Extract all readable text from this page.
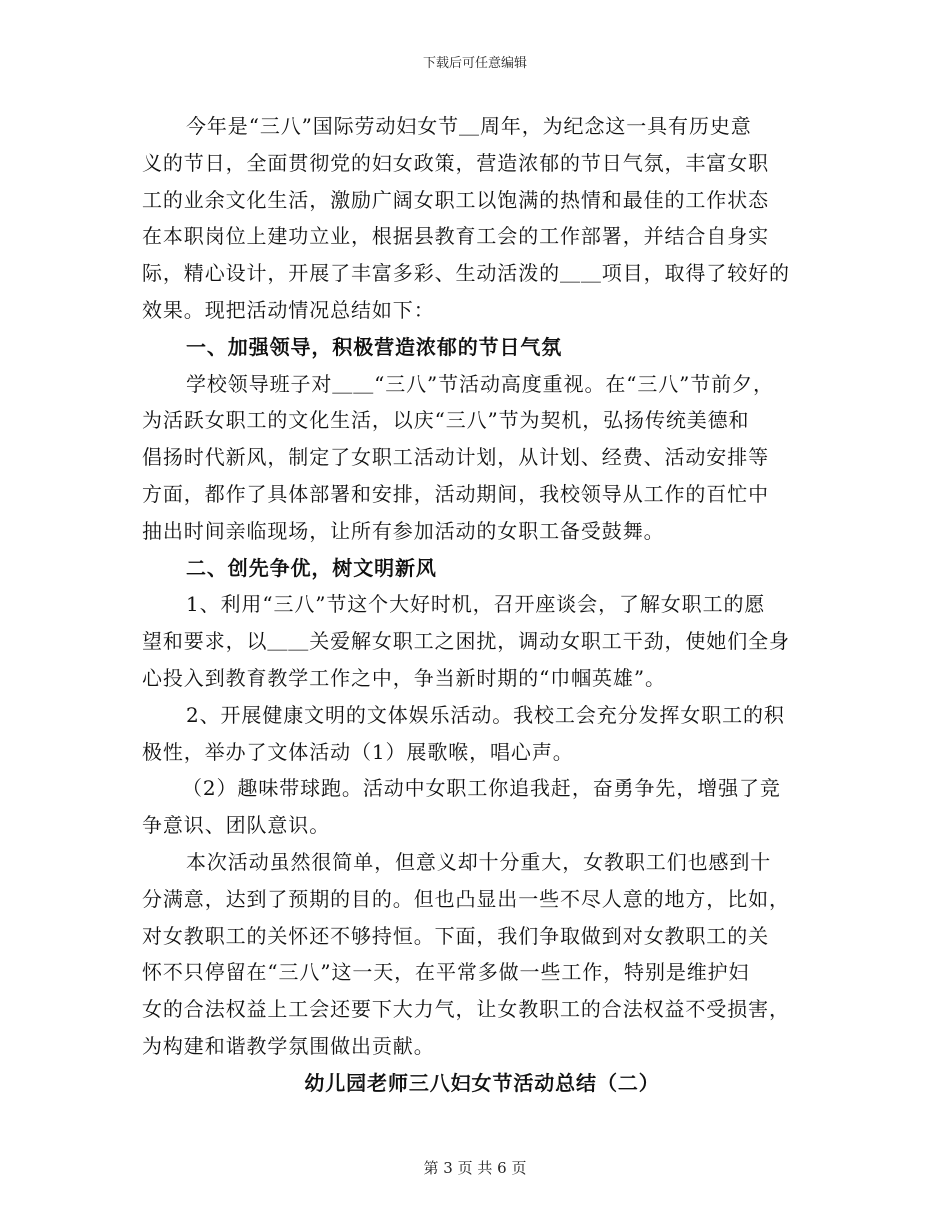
下载后可任意编辑
今年是“三八”国际劳动妇女节＿周年，为纪念这一具有历史意
义的节日，全面贯彻党的妇女政策，营造浓郁的节日气氛，丰富女职
工的业余文化生活，激励广阔女职工以饱满的热情和最佳的工作状态
在本职岗位上建功立业，根据县教育工会的工作部署，并结合自身实
际，精心设计，开展了丰富多彩、生动活泼的＿＿项目，取得了较好的
效果。现把活动情况总结如下：
一、加强领导，积极营造浓郁的节日气氛
学校领导班子对＿＿“三八”节活动高度重视。在“三八”节前夕，
为活跃女职工的文化生活，以庆“三八”节为契机，弘扬传统美德和
倡扬时代新风，制定了女职工活动计划，从计划、经费、活动安排等
方面，都作了具体部署和安排，活动期间，我校领导从工作的百忙中
抽出时间亲临现场，让所有参加活动的女职工备受鼓舞。
二、创先争优，树文明新风
1、利用“三八”节这个大好时机，召开座谈会，了解女职工的愿
望和要求，以＿＿关爱解女职工之困扰，调动女职工干劲，使她们全身
心投入到教育教学工作之中，争当新时期的“巾帼英雄”。
2、开展健康文明的文体娱乐活动。我校工会充分发挥女职工的积
极性，举办了文体活动（1）展歌喉，唱心声。
（2）趣味带球跑。活动中女职工你追我赶，奋勇争先，增强了竞
争意识、团队意识。
本次活动虽然很简单，但意义却十分重大，女教职工们也感到十
分满意，达到了预期的目的。但也凸显出一些不尽人意的地方，比如，
对女教职工的关怀还不够持恒。下面，我们争取做到对女教职工的关
怀不只停留在“三八”这一天，在平常多做一些工作，特别是维护妇
女的合法权益上工会还要下大力气，让女教职工的合法权益不受损害，
为构建和谐教学氛围做出贡献。
幼儿园老师三八妇女节活动总结（二）
第 3 页 共 6 页
